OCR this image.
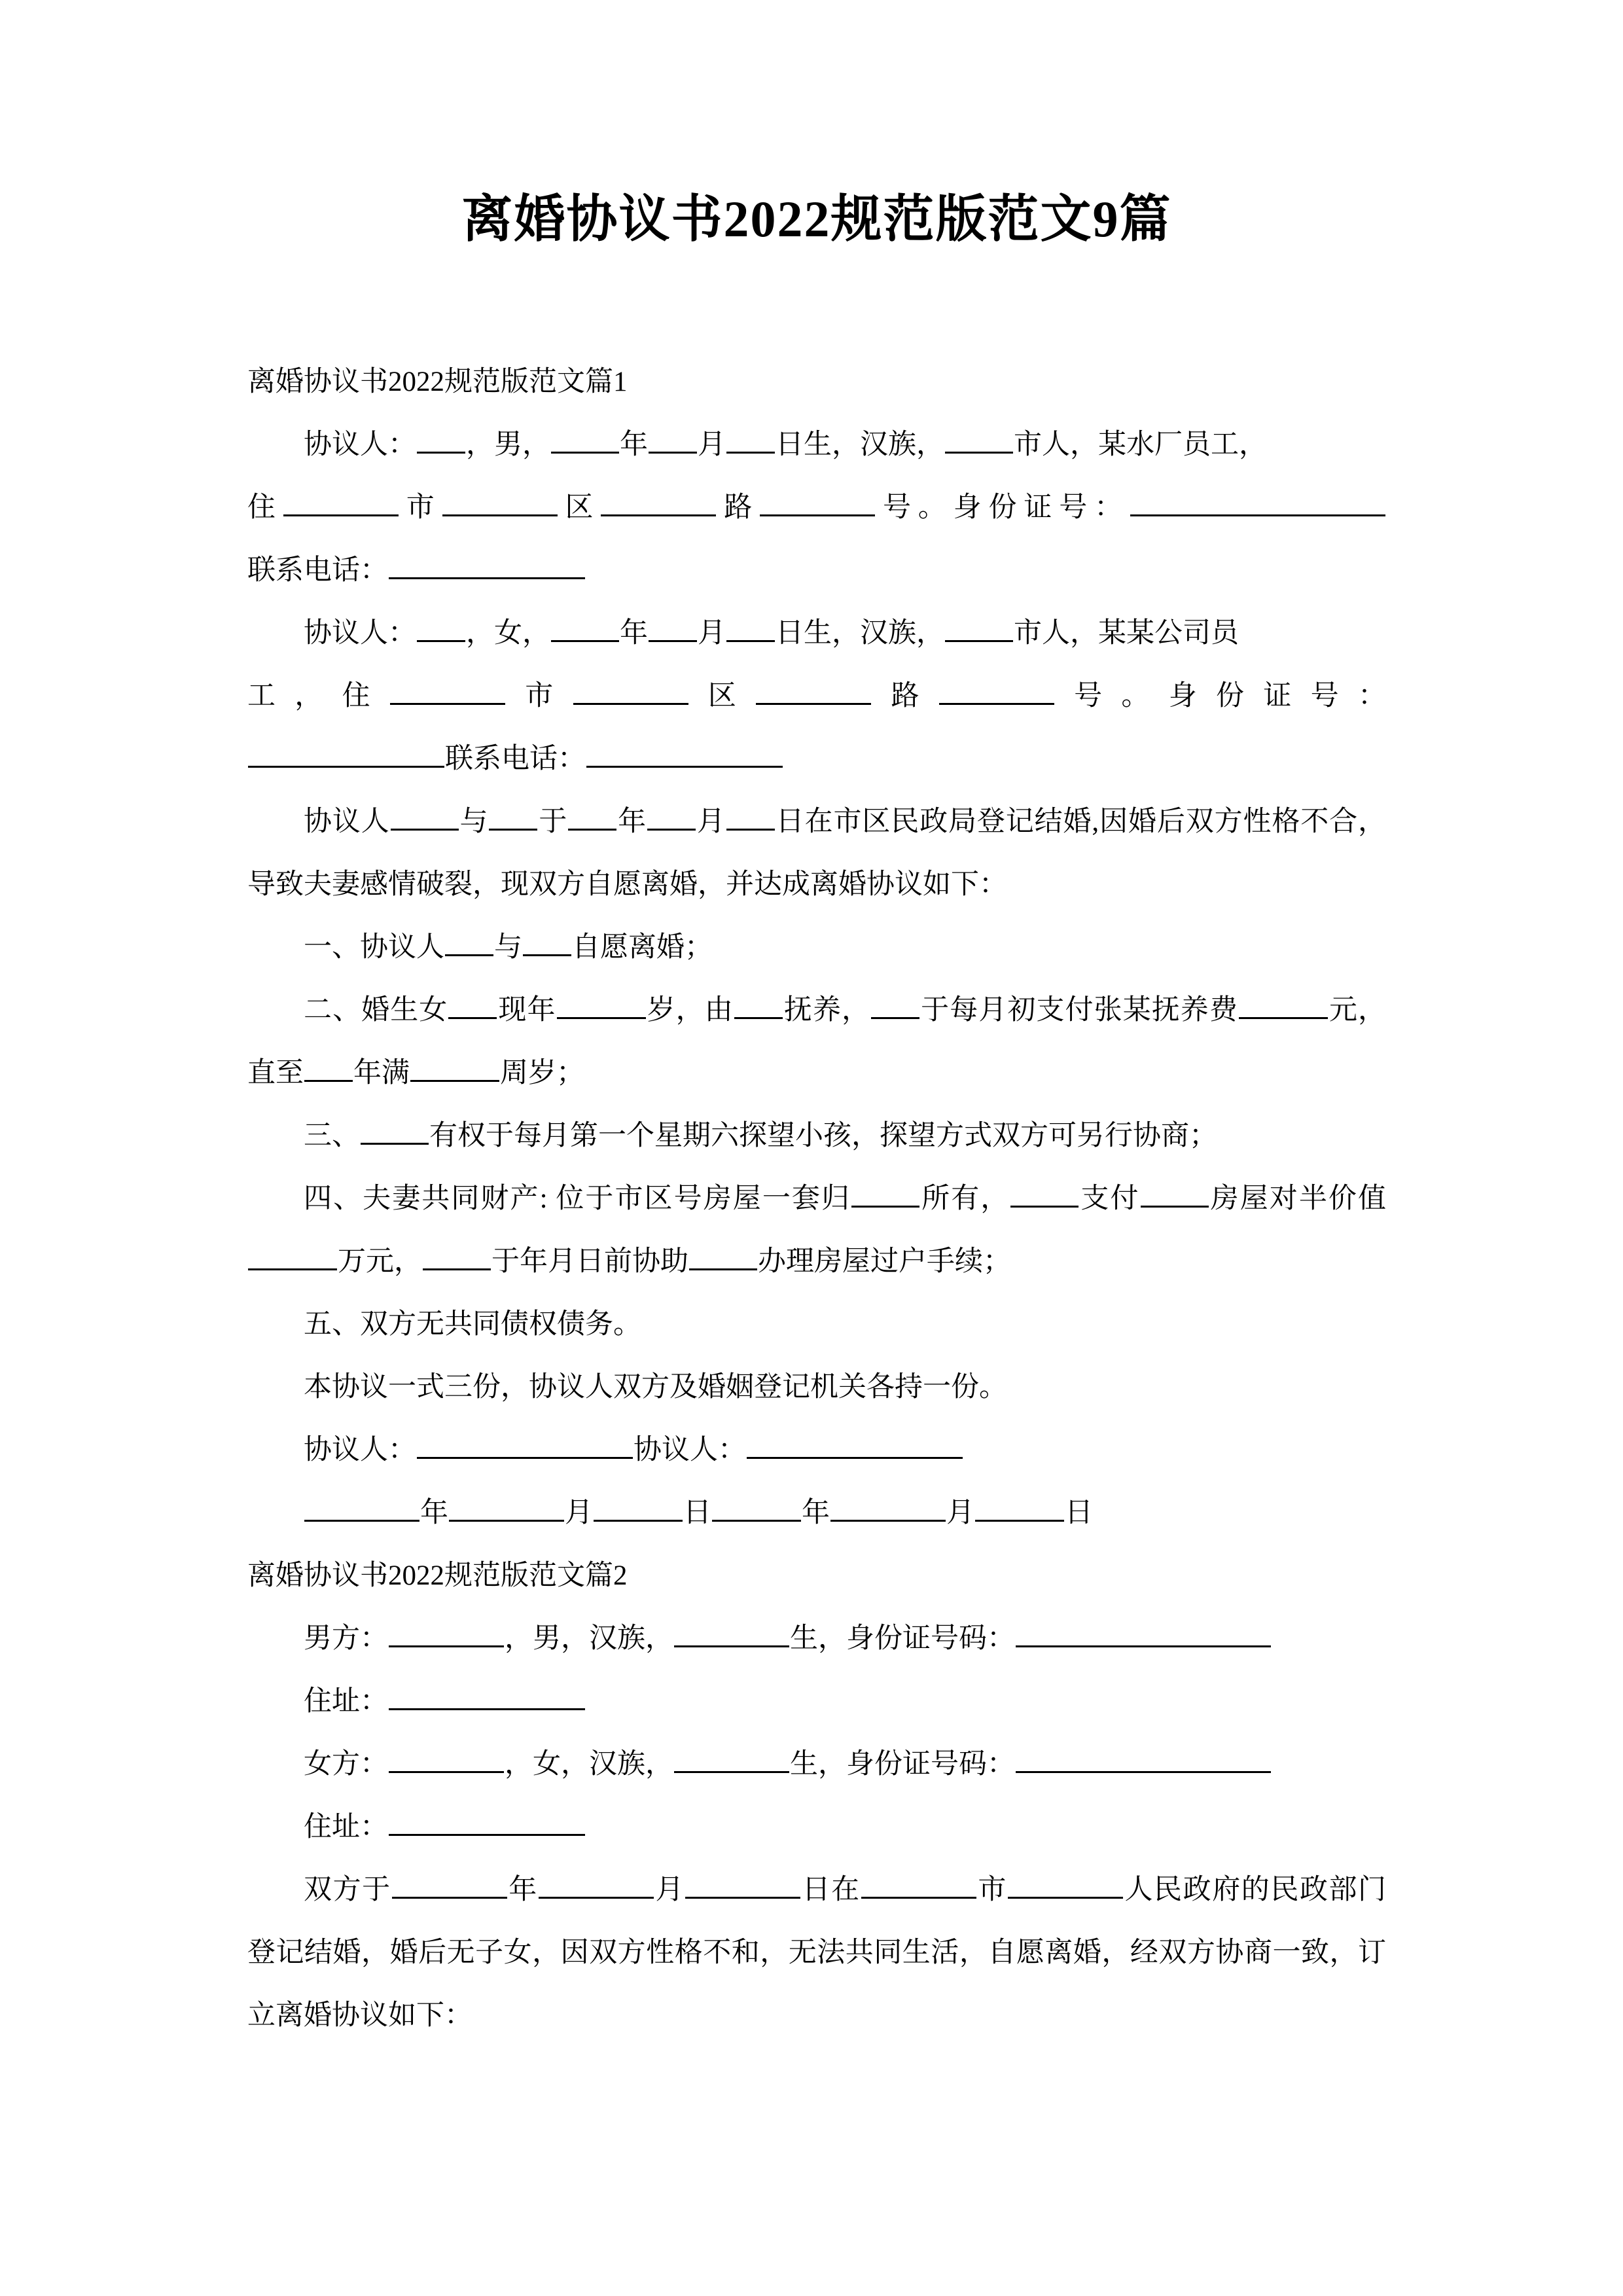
离婚协议书2022规范版范文9篇

离婚协议书2022规范版范文篇1

协议人： ，男， 年 月 日生，汉族， 市人，某水厂员工，

住	市	区	路	号。身份证号：

联系电话：

协议人： ，女， 年 月 日生，汉族， 市人，某某公司员

工，住	市	区	路	号。身份证号：

联系电话：

协议人 与 于 年 月 日在市区民政局登记结婚,因婚后双方性格不合，导致夫妻感情破裂，现双方自愿离婚，并达成离婚协议如下：

一、协议人 与 自愿离婚；

二、婚生女 现年	岁，由 抚养， 于每月初支付张某抚养费	元，直至 年满	周岁；

三、 有权于每月第一个星期六探望小孩，探望方式双方可另行协商；

四、夫妻共同财产: 位于市区号房屋一套归 所有， 支付 房屋对半价值万元， 于年月日前协助 办理房屋过户手续；

五、双方无共同债权债务。

本协议一式三份，协议人双方及婚姻登记机关各持一份。

协议人：	协议人：

年	月	日	年	月	日

离婚协议书2022规范版范文篇2

男方：	，男，汉族，	生，身份证号码：

住址：

女方：	，女，汉族，	生，身份证号码：

住址：

双方于	年	月	日在	市	人民政府的民政部门登记结婚，婚后无子女，因双方性格不和，无法共同生活，自愿离婚，经双方协商一致，订立离婚协议如下：
